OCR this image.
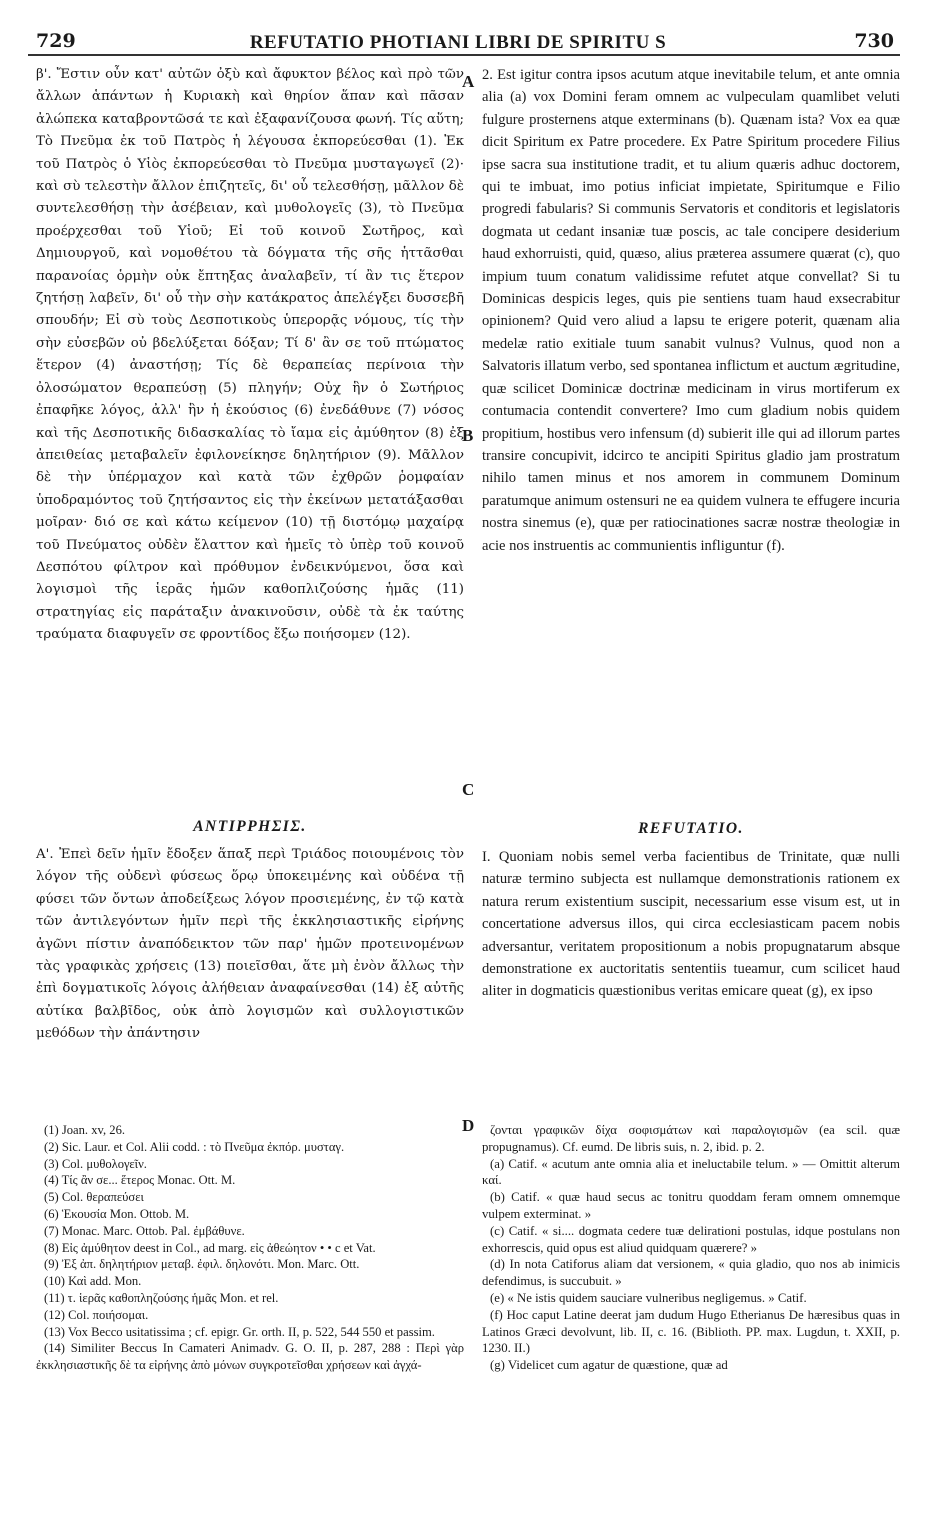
729	REFUTATIO PHOTIANI LIBRI DE SPIRITU S	730

β'. Ἔστιν οὖν κατ' αὐτῶν ὀξὺ καὶ ἄφυκτον βέλος καὶ πρὸ τῶν ἄλλων ἁπάντων ἡ Κυριακὴ καὶ θηρίον ἅπαν καὶ πᾶσαν ἀλώπεκα καταβροντῶσά τε καὶ ἐξαφανίζουσα φωνή. Τίς αὕτη; Τὸ Πνεῦμα ἐκ τοῦ Πατρὸς ἡ λέγουσα ἐκπορεύεσθαι (1). Ἐκ τοῦ Πατρὸς ὁ Υἱὸς ἐκπορεύεσθαι τὸ Πνεῦμα μυσταγωγεῖ (2)· καὶ σὺ τελεστὴν ἄλλον ἐπιζητεῖς, δι' οὗ τελεσθήσῃ, μᾶλλον δὲ συντελεσθήσῃ τὴν ἀσέβειαν, καὶ μυθολογεῖς (3), τὸ Πνεῦμα προέρχεσθαι τοῦ Υἱοῦ; Εἰ τοῦ κοινοῦ Σωτῆρος, καὶ Δημιουργοῦ, καὶ νομοθέτου τὰ δόγματα τῆς σῆς ἡττᾶσθαι παρανοίας ὁρμὴν οὐκ ἔπτηξας ἀναλαβεῖν, τί ἂν τις ἕτερον ζητήσῃ λαβεῖν, δι' οὗ τὴν σὴν κατάκρατος ἀπελέγξει δυσσεβῆ σπουδήν; Εἰ σὺ τοὺς Δεσποτικοὺς ὑπερορᾷς νόμους, τίς τὴν σὴν εὐσεβῶν οὐ βδελύξεται δόξαν; Τί δ' ἂν σε τοῦ πτώματος ἕτερον (4) ἀναστήσῃ; Τίς δὲ θεραπείας περίνοια τὴν ὀλοσώματον θεραπεύσῃ (5) πληγήν; Οὐχ ἣν ὁ Σωτήριος ἐπαφῆκε λόγος, ἀλλ' ἣν ἡ ἑκούσιος (6) ἐνεδάθυνε (7) νόσος καὶ τῆς Δεσποτικῆς διδασκαλίας τὸ ἴαμα εἰς ἀμύθητον (8) ἐξ ἀπειθείας μεταβαλεῖν ἐφιλονείκησε δηλητήριον (9). Μᾶλλον δὲ τὴν ὑπέρμαχον καὶ κατὰ τῶν ἐχθρῶν ῥομφαίαν ὑποδραμόντος τοῦ ζητήσαντος εἰς τὴν ἐκείνων μετατάξασθαι μοῖραν· διό σε καὶ κάτω κείμενον (10) τῇ διστόμῳ μαχαίρᾳ τοῦ Πνεύματος οὐδὲν ἔλαττον καὶ ἡμεῖς τὸ ὑπὲρ τοῦ κοινοῦ Δεσπότου φίλτρον καὶ πρόθυμον ἐνδεικνύμενοι, ὅσα καὶ λογισμοὶ τῆς ἱερᾶς ἡμῶν καθοπλιζούσης ἡμᾶς (11) στρατηγίας εἰς παράταξιν ἀνακινοῦσιν, οὐδὲ τὰ ἐκ ταύτης τραύματα διαφυγεῖν σε φροντίδος ἔξω ποιήσομεν (12).

ΑΝΤΙΡΡΗΣΙΣ.

Α'. Ἐπεὶ δεῖν ἡμῖν ἔδοξεν ἅπαξ περὶ Τριάδος ποιουμένοις τὸν λόγον τῆς οὐδενὶ φύσεως ὅρῳ ὑποκειμένης καὶ οὐδένα τῇ φύσει τῶν ὄντων ἀποδείξεως λόγον προσιεμένης, ἐν τῷ κατὰ τῶν ἀντιλεγόντων ἡμῖν περὶ τῆς ἐκκλησιαστικῆς εἰρήνης ἀγῶνι πίστιν ἀναπόδεικτον τῶν παρ' ἡμῶν προτεινομένων τὰς γραφικὰς χρήσεις (13) ποιεῖσθαι, ἅτε μὴ ἐνὸν ἄλλως τὴν ἐπὶ δογματικοῖς λόγοις ἀλήθειαν ἀναφαίνεσθαι (14) ἐξ αὐτῆς αὐτίκα βαλβῖδος, οὐκ ἀπὸ λογισμῶν καὶ συλλογιστικῶν μεθόδων τὴν ἀπάντησιν

A
B
C
D

2. Est igitur contra ipsos acutum atque inevitabile telum, et ante omnia alia (a) vox Domini feram omnem ac vulpeculam quamlibet veluti fulgure prosternens atque exterminans (b). Quænam ista? Vox ea quæ dicit Spiritum ex Patre procedere. Ex Patre Spiritum procedere Filius ipse sacra sua institutione tradit, et tu alium quæris adhuc doctorem, qui te imbuat, imo potius inficiat impietate, Spiritumque e Filio progredi fabularis? Si communis Servatoris et conditoris et legislatoris dogmata ut cedant insaniæ tuæ poscis, ac tale concipere desiderium haud exhorruisti, quid, quæso, alius præterea assumere quærat (c), quo impium tuum conatum validissime refutet atque convellat? Si tu Dominicas despicis leges, quis pie sentiens tuam haud exsecrabitur opinionem? Quid vero aliud a lapsu te erigere poterit, quænam alia medelæ ratio exitiale tuum sanabit vulnus? Vulnus, quod non a Salvatoris illatum verbo, sed spontanea inflictum et auctum ægritudine, quæ scilicet Dominicæ doctrinæ medicinam in virus mortiferum ex contumacia contendit convertere? Imo cum gladium nobis quidem propitium, hostibus vero infensum (d) subierit ille qui ad illorum partes transire concupivit, idcirco te ancipiti Spiritus gladio jam prostratum nihilo tamen minus et nos amorem in communem Dominum paratumque animum ostensuri ne ea quidem vulnera te effugere incuria nostra sinemus (e), quæ per ratiocinationes sacræ nostræ theologiæ in acie nos instruentis ac communientis infliguntur (f).

REFUTATIO.

I. Quoniam nobis semel verba facientibus de Trinitate, quæ nulli naturæ termino subjecta est nullamque demonstrationis rationem ex natura rerum existentium suscipit, necessarium esse visum est, ut in concertatione adversus illos, qui circa ecclesiasticam pacem nobis adversantur, veritatem propositionum a nobis propugnatarum absque demonstratione ex auctoritatis sententiis tueamur, cum scilicet haud aliter in dogmaticis quæstionibus veritas emicare queat (g), ex ipso

(1) Joan. xv, 26.

(2) Sic. Laur. et Col. Alii codd. : τὸ Πνεῦμα ἐκπόρ. μυσταγ.

(3) Col. μυθολογεῖν.

(4) Τίς ἂν σε... ἕτερος Monac. Ott. M.

(5) Col. θεραπεύσει

(6) Ἑκουσία Mon. Ottob. M.

(7) Monac. Marc. Ottob. Pal. ἐμβάθυνε.

(8) Εἰς ἀμύθητον deest in Col., ad marg. εἰς ἀθεώητον • • c et Vat.

(9) Ἐξ ἀπ. δηλητήριον μεταβ. ἐφιλ. δηλονότι. Mon. Marc. Ott.

(10) Καὶ add. Mon.

(11) τ. ἱερᾶς καθοπληζούσης ἡμᾶς Mon. et rel.

(12) Col. ποιήσομαι.

(13) Vox Becco usitatissima ; cf. epigr. Gr. orth. II, p. 522, 544 550 et passim.

(14) Similiter Beccus In Camateri Animadv. G. O. II, p. 287, 288 : Περὶ γὰρ ἐκκλησιαστικῆς δὲ τα εἰρήνης ἀπὸ μόνων συγκροτεῖσθαι χρήσεων καὶ ἀγχά-

ζονται γραφικῶν δίχα σοφισμάτων καὶ παραλογισμῶν (ea scil. quæ propugnamus). Cf. eumd. De libris suis, n. 2, ibid. p. 2.

(a) Catif. « acutum ante omnia alia et ineluctabile telum. » — Omittit alterum καί.

(b) Catif. « quæ haud secus ac tonitru quoddam feram omnem omnemque vulpem exterminat. »

(c) Catif. « si.... dogmata cedere tuæ delirationi postulas, idque postulans non exhorrescis, quid opus est aliud quidquam quærere? »

(d) In nota Catiforus aliam dat versionem, « quia gladio, quo nos ab inimicis defendimus, is succubuit. »

(e) « Ne istis quidem sauciare vulneribus negligemus. » Catif.

(f) Hoc caput Latine deerat jam dudum Hugo Etherianus De hæresibus quas in Latinos Græci devolvunt, lib. II, c. 16. (Biblioth. PP. max. Lugdun, t. XXII, p. 1230. II.)

(g) Videlicet cum agatur de quæstione, quæ ad
